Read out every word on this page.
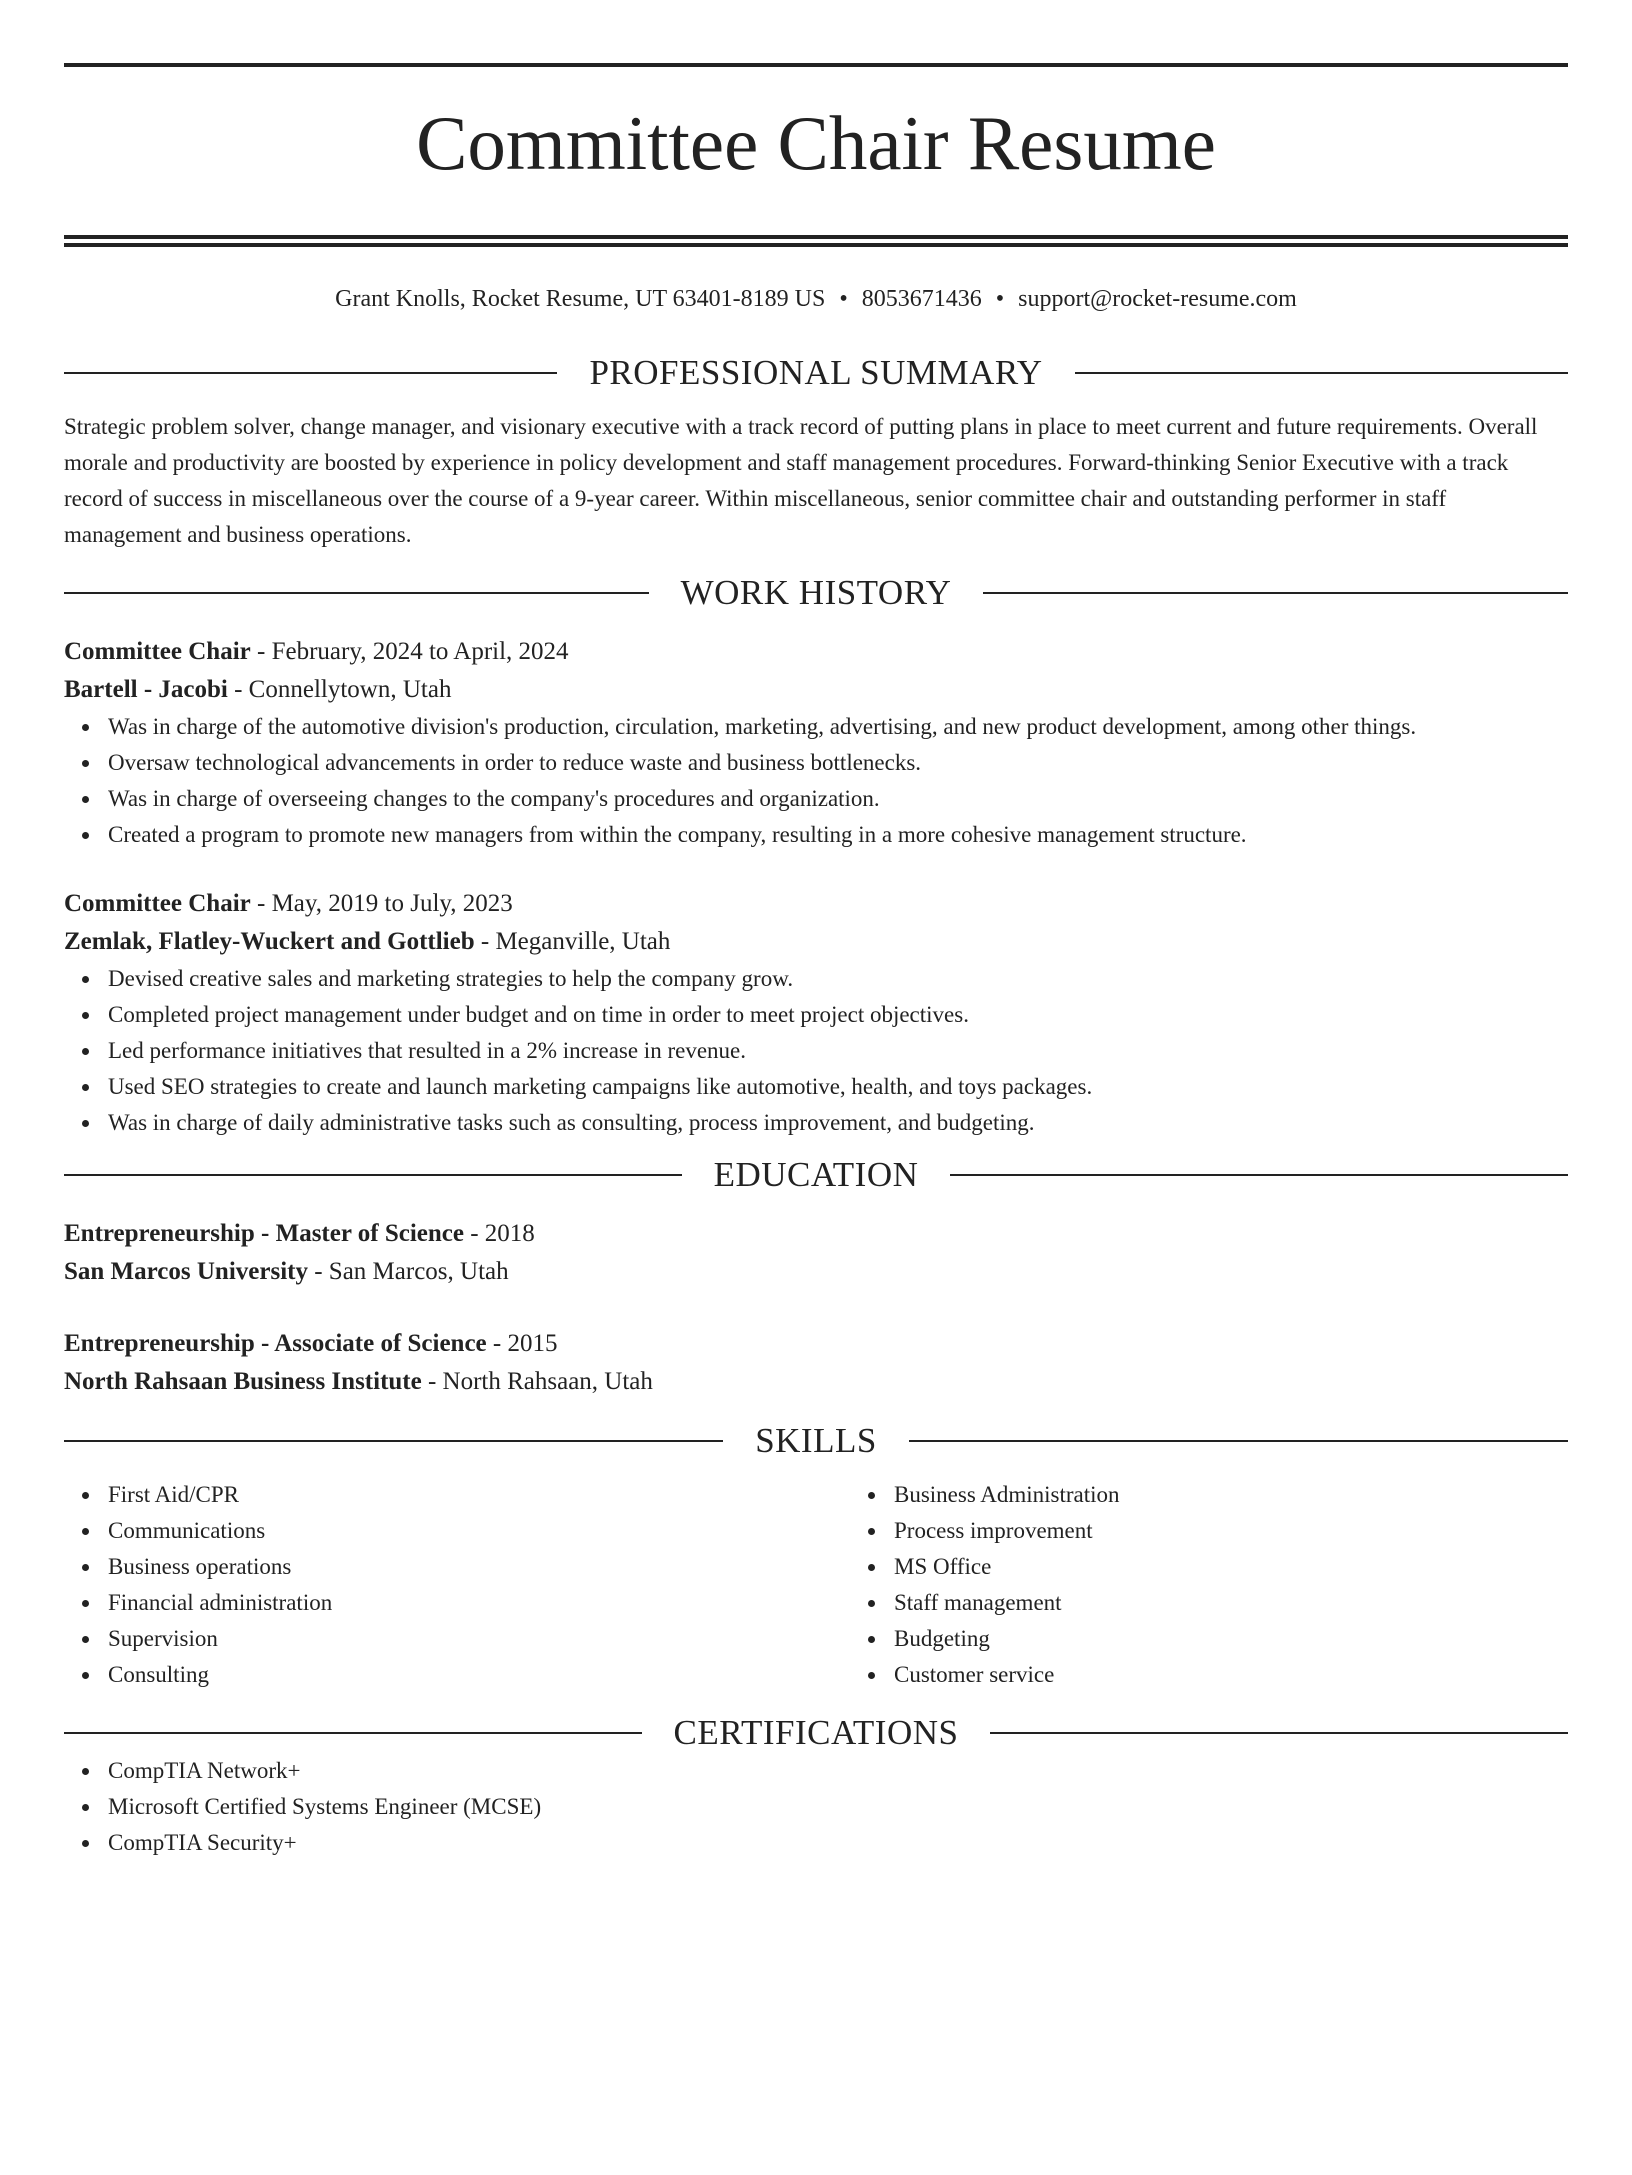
Committee Chair Resume
Grant Knolls, Rocket Resume, UT 63401-8189 US • 8053671436 • support@rocket-resume.com
PROFESSIONAL SUMMARY

Strategic problem solver, change manager, and visionary executive with a track record of putting plans in place to meet current and future requirements. Overall morale and productivity are boosted by experience in policy development and staff management procedures. Forward-thinking Senior Executive with a track record of success in miscellaneous over the course of a 9-year career. Within miscellaneous, senior committee chair and outstanding performer in staff management and business operations.

WORK HISTORY
Committee Chair - February, 2024 to April, 2024
Bartell - Jacobi - Connellytown, Utah
Was in charge of the automotive division's production, circulation, marketing, advertising, and new product development, among other things.
Oversaw technological advancements in order to reduce waste and business bottlenecks.
Was in charge of overseeing changes to the company's procedures and organization.
Created a program to promote new managers from within the company, resulting in a more cohesive management structure.
Committee Chair - May, 2019 to July, 2023
Zemlak, Flatley-Wuckert and Gottlieb - Meganville, Utah
Devised creative sales and marketing strategies to help the company grow.
Completed project management under budget and on time in order to meet project objectives.
Led performance initiatives that resulted in a 2% increase in revenue.
Used SEO strategies to create and launch marketing campaigns like automotive, health, and toys packages.
Was in charge of daily administrative tasks such as consulting, process improvement, and budgeting.
EDUCATION
Entrepreneurship - Master of Science - 2018
San Marcos University - San Marcos, Utah
Entrepreneurship - Associate of Science - 2015
North Rahsaan Business Institute - North Rahsaan, Utah
SKILLS
First Aid/CPR
Communications
Business operations
Financial administration
Supervision
Consulting
Business Administration
Process improvement
MS Office
Staff management
Budgeting
Customer service
CERTIFICATIONS
CompTIA Network+
Microsoft Certified Systems Engineer (MCSE)
CompTIA Security+
